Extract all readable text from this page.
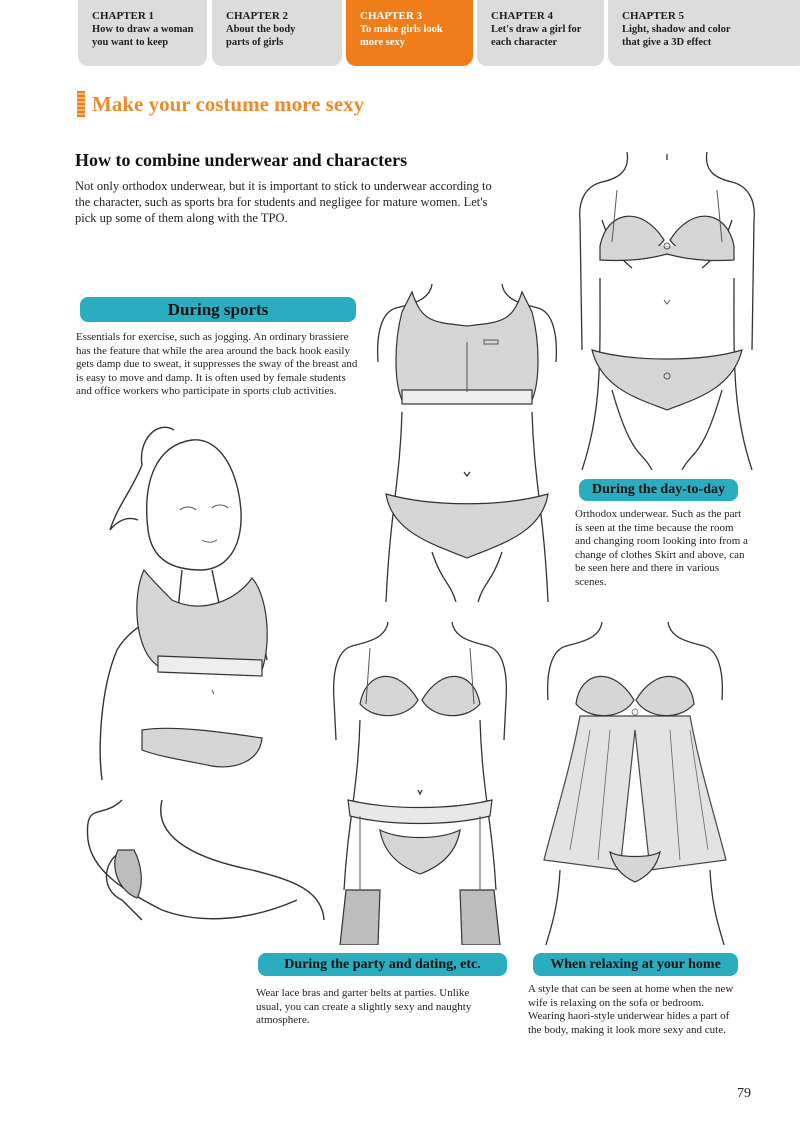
CHAPTER 1
How to draw a woman
you want to keep
CHAPTER 2
About the body
parts of girls
CHAPTER 3
To make girls look
more sexy
CHAPTER 4
Let's draw a girl for
each character
CHAPTER 5
Light, shadow and color
that give a 3D effect
Make your costume more sexy
How to combine underwear and characters
Not only orthodox underwear, but it is important to stick to underwear according to the character, such as sports bra for students and negligee for mature women. Let's pick up some of them along with the TPO.
During sports
Essentials for exercise, such as jogging. An ordinary brassiere has the feature that while the area around the back hook easily gets damp due to sweat, it suppresses the sway of the breast and is easy to move and damp. It is often used by female students and office workers who participate in sports club activities.
During the day-to-day
Orthodox underwear. Such as the part is seen at the time because the room and changing room looking into from a change of clothes Skirt and above, can be seen here and there in various scenes.
During the party and dating, etc.
Wear lace bras and garter belts at parties. Unlike usual, you can create a slightly sexy and naughty atmosphere.
When relaxing at your home
A style that can be seen at home when the new wife is relaxing on the sofa or bedroom. Wearing haori-style underwear hides a part of the body, making it look more sexy and cute.
79
